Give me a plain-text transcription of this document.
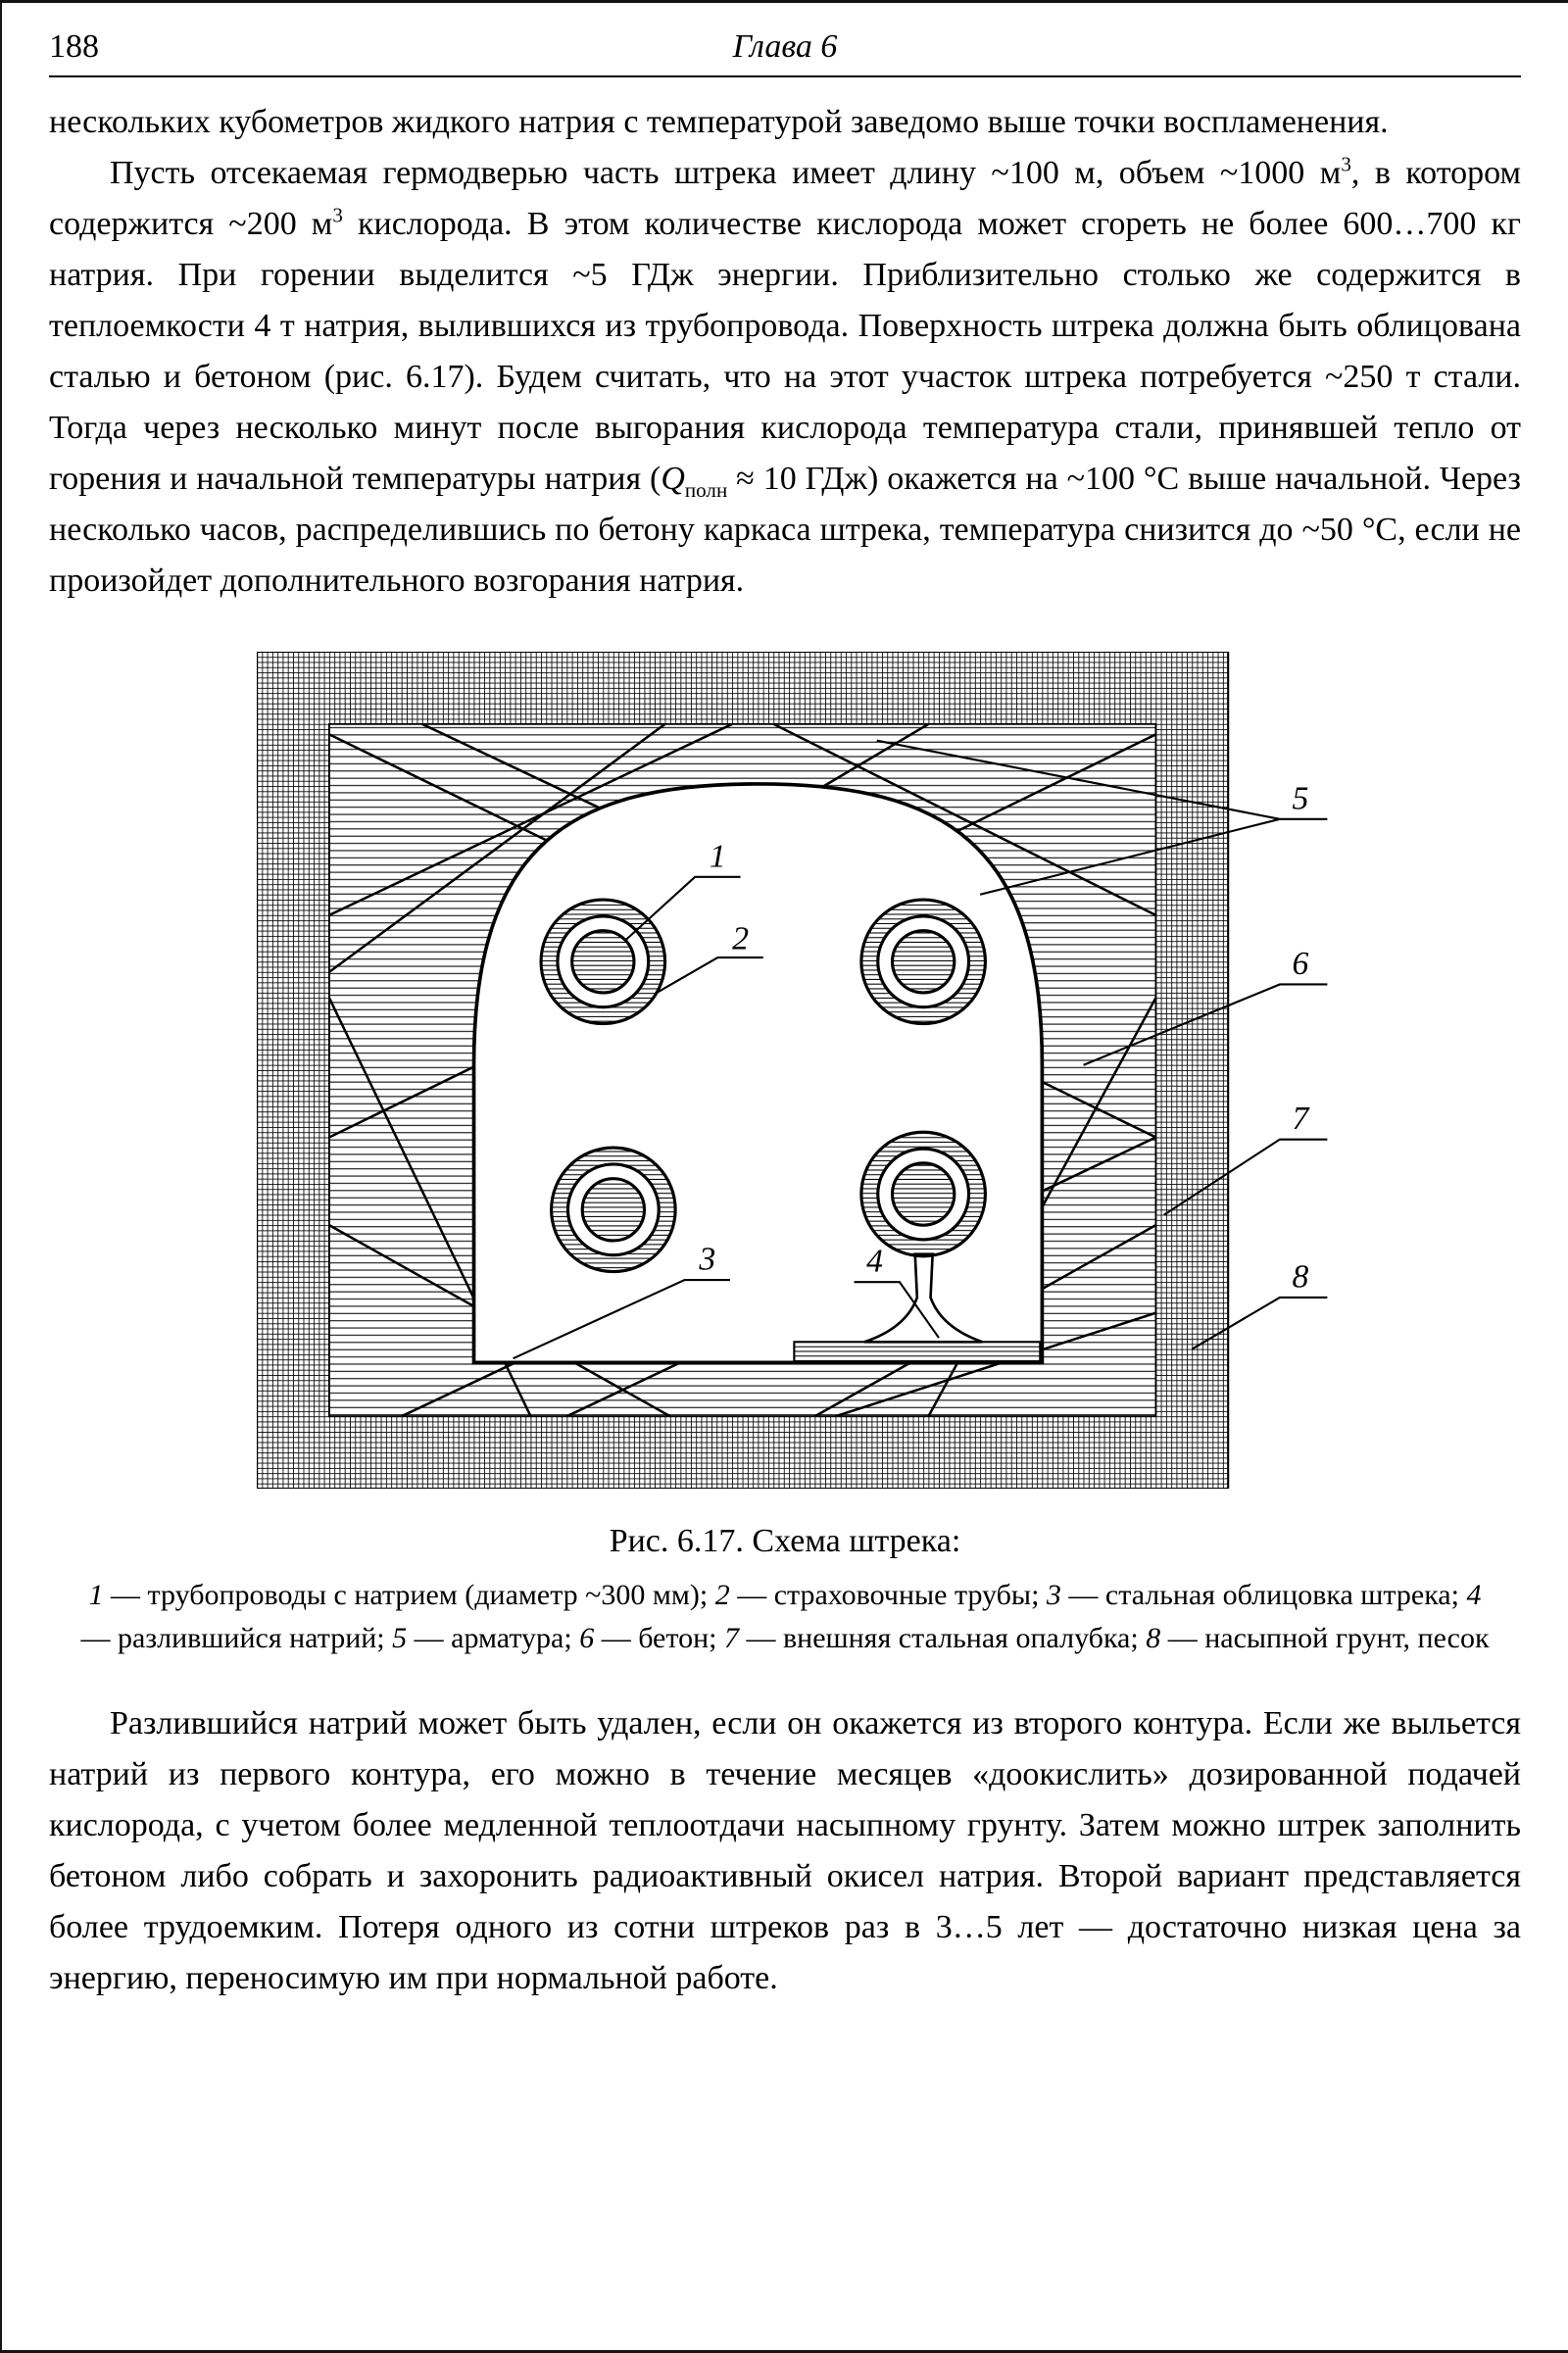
188	Глава 6

нескольких кубометров жидкого натрия с температурой заведомо выше точки воспламенения.

Пусть отсекаемая гермодверью часть штрека имеет длину ~100 м, объем ~1000 $м^3$, в котором содержится ~200 $м^3$ кислорода. В этом количестве кислорода может сгореть не более 600…700 кг натрия. При горении выделится ~5 ГДж энергии. Приблизительно столько же содержится в теплоемкости 4 т натрия, вылившихся из трубопровода. Поверхность штрека должна быть облицована сталью и бетоном (рис. 6.17). Будем считать, что на этот участок штрека потребуется ~250 т стали. Тогда через несколько минут после выгорания кислорода температура стали, принявшей тепло от горения и начальной температуры натрия ($Q_{полн} \approx 10$ ГДж) окажется на ~100 °С выше начальной. Через несколько часов, распределившись по бетону каркаса штрека, температура снизится до ~50 °С, если не произойдет дополнительного возгорания натрия.

1
2
3	4
5
6
7
8
Рис. 6.17. Схема штрека:
1 — трубопроводы с натрием (диаметр ~300 мм); 2 — страховочные трубы; 3 — стальная облицовка штрека; 4 — разлившийся натрий; 5 — арматура; 6 — бетон; 7 — внешняя стальная опалубка; 8 — насыпной грунт, песок

Разлившийся натрий может быть удален, если он окажется из второго контура. Если же выльется натрий из первого контура, его можно в течение месяцев «доокислить» дозированной подачей кислорода, с учетом более медленной теплоотдачи насыпному грунту. Затем можно штрек заполнить бетоном либо собрать и захоронить радиоактивный окисел натрия. Второй вариант представляется более трудоемким. Потеря одного из сотни штреков раз в 3…5 лет — достаточно низкая цена за энергию, переносимую им при нормальной работе.
